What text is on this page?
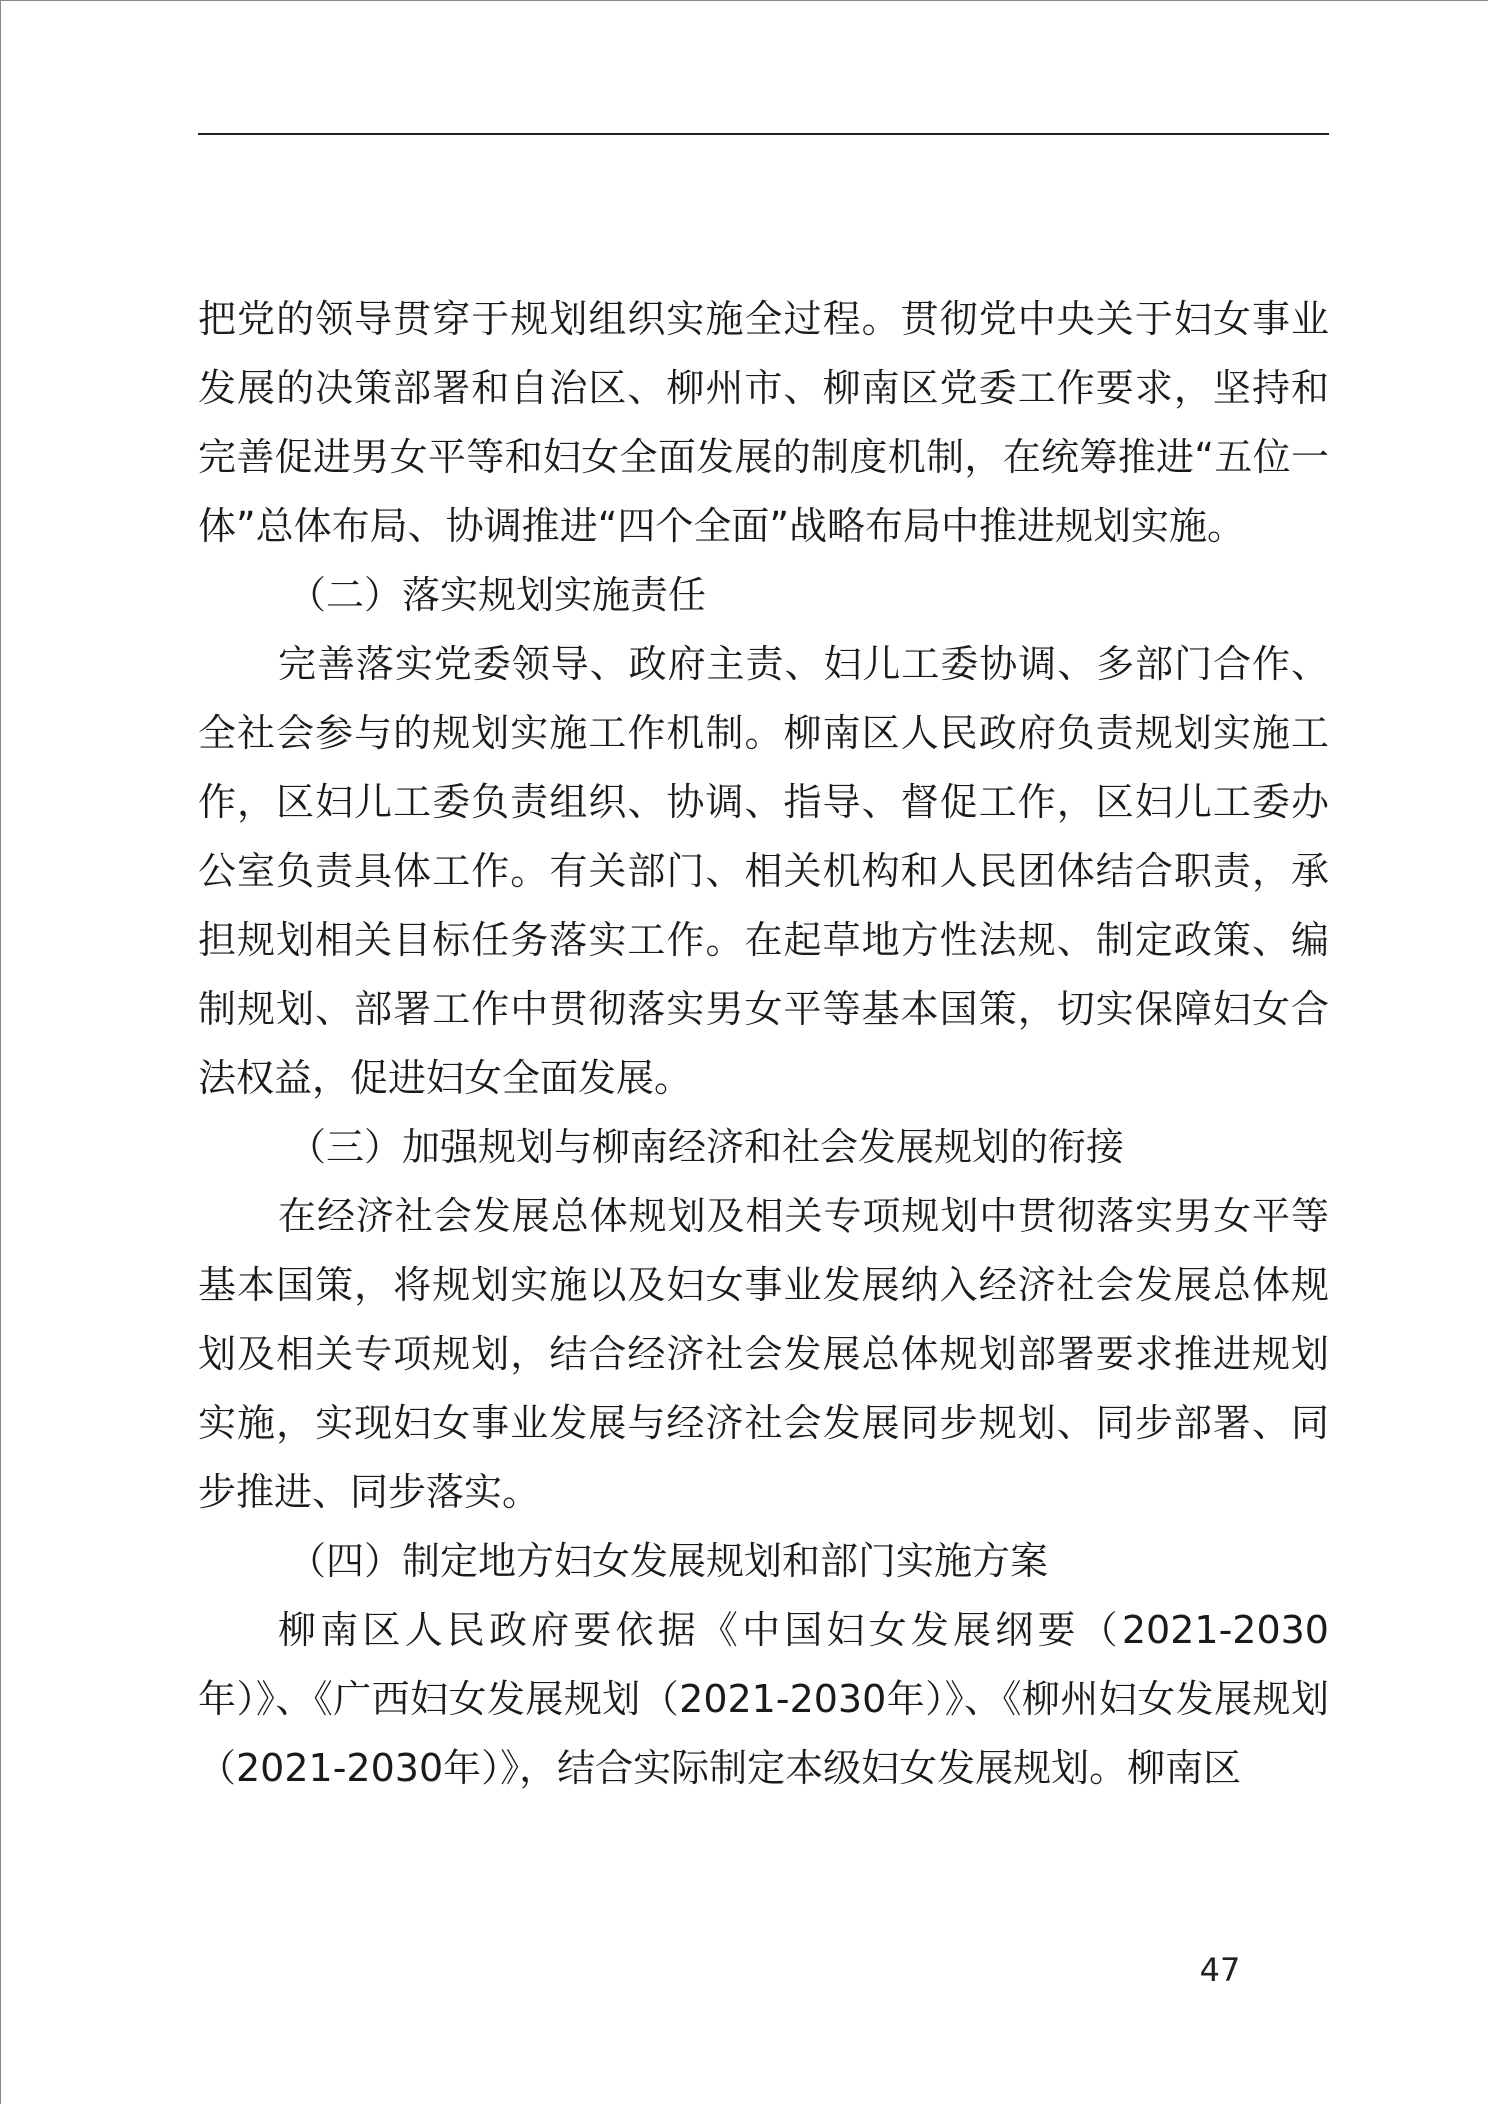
把党的领导贯穿于规划组织实施全过程。贯彻党中央关于妇女事业发展的决策部署和自治区、柳州市、柳南区党委工作要求，坚持和完善促进男女平等和妇女全面发展的制度机制，在统筹推进“五位一体”总体布局、协调推进“四个全面”战略布局中推进规划实施。

（二）落实规划实施责任

完善落实党委领导、政府主责、妇儿工委协调、多部门合作、全社会参与的规划实施工作机制。柳南区人民政府负责规划实施工作，区妇儿工委负责组织、协调、指导、督促工作，区妇儿工委办公室负责具体工作。有关部门、相关机构和人民团体结合职责，承担规划相关目标任务落实工作。在起草地方性法规、制定政策、编制规划、部署工作中贯彻落实男女平等基本国策，切实保障妇女合法权益，促进妇女全面发展。

（三）加强规划与柳南经济和社会发展规划的衔接

在经济社会发展总体规划及相关专项规划中贯彻落实男女平等基本国策，将规划实施以及妇女事业发展纳入经济社会发展总体规划及相关专项规划，结合经济社会发展总体规划部署要求推进规划实施，实现妇女事业发展与经济社会发展同步规划、同步部署、同步推进、同步落实。

（四）制定地方妇女发展规划和部门实施方案

柳南区人民政府要依据《中国妇女发展纲要（2021-2030年）》、《广西妇女发展规划（2021-2030年）》、《柳州妇女发展规划（2021-2030年）》，结合实际制定本级妇女发展规划。柳南区

47
